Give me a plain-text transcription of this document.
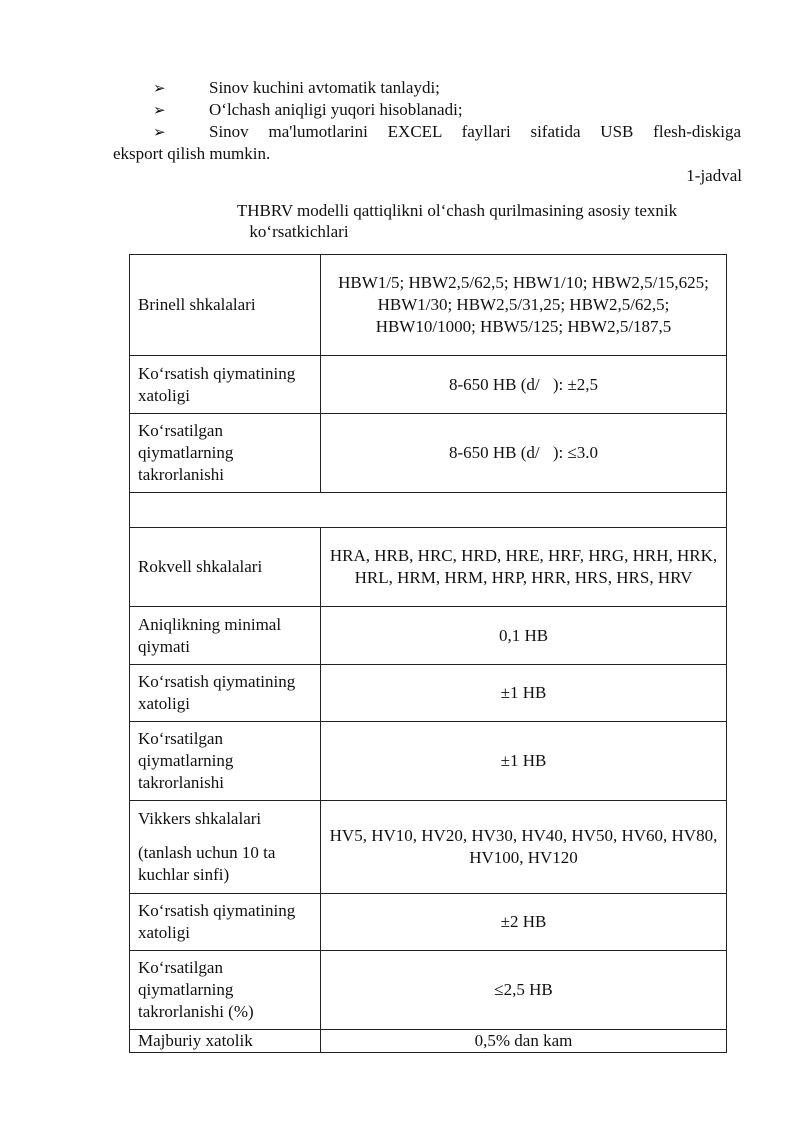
➢	Sinov kuchini avtomatik tanlaydi;
➢	O‘lchash aniqligi yuqori hisoblanadi;
➢	Sinov ma'lumotlarini EXCEL fayllari sifatida USB flesh-diskiga
eksport qilish mumkin.
1-jadval
THBRV modelli qattiqlikni ol‘chash qurilmasining asosiy texnik
ko‘rsatkichlari
Brinell shkalalari	HBW1/5; HBW2,5/62,5; HBW1/10; HBW2,5/15,625; HBW1/30; HBW2,5/31,25; HBW2,5/62,5; HBW10/1000; HBW5/125; HBW2,5/187,5
Ko‘rsatish qiymatining xatoligi	8-650 HB (d/⃞): ±2,5
Ko‘rsatilgan qiymatlarning takrorlanishi	8-650 HB (d/⃞): ≤3.0

Rokvell shkalalari	HRA, HRB, HRC, HRD, HRE, HRF, HRG, HRH, HRK, HRL, HRM, HRM, HRP, HRR, HRS, HRS, HRV
Aniqlikning minimal qiymati	0,1 HB
Ko‘rsatish qiymatining xatoligi	±1 HB
Ko‘rsatilgan qiymatlarning takrorlanishi	±1 HB
Vikkers shkalalari
(tanlash uchun 10 ta kuchlar sinfi)	HV5, HV10, HV20, HV30, HV40, HV50, HV60, HV80, HV100, HV120
Ko‘rsatish qiymatining xatoligi	±2 HB
Ko‘rsatilgan qiymatlarning takrorlanishi (%)	≤2,5 HB
Majburiy xatolik	0,5% dan kam
